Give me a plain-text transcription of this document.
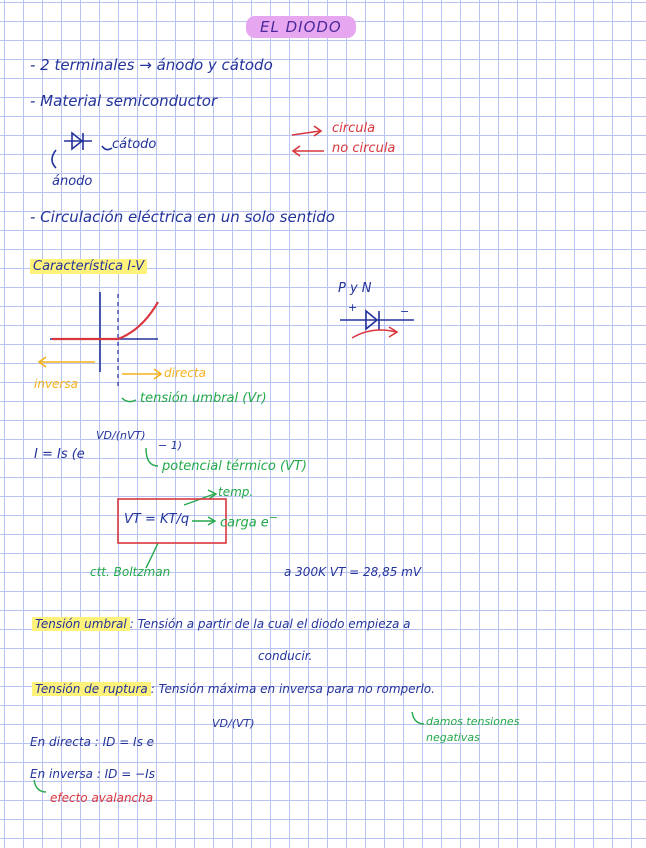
EL DIODO
- 2 terminales → ánodo y cátodo
- Material semiconductor
cátodo
ánodo
circula
no circula
- Circulación eléctrica en un solo sentido
Característica I-V
P y N
+	−
inversa
directa
tensión umbral (Vr)
I = Is (e
VD/(nVT)
− 1)
potencial térmico (VT)
temp.
VT = KT/q carga e−
ctt. Boltzman	a 300K VT = 28,85 mV
Tensión umbral : Tensión a partir de la cual el diodo empieza a
conducir.
Tensión de ruptura : Tensión máxima en inversa para no romperlo.
damos tensiones
negativas
En directa : ID = Is e
VD/(VT)
En inversa : ID = −Is
efecto avalancha
